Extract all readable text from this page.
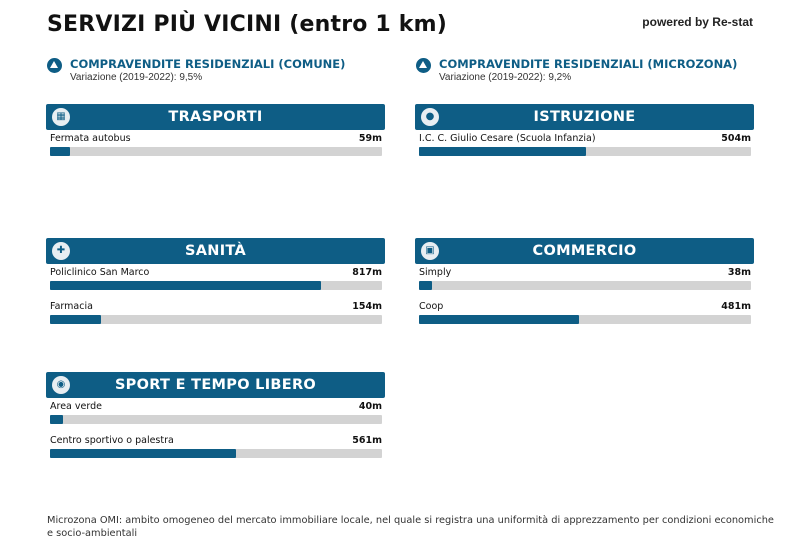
SERVIZI PIÙ VICINI (entro 1 km)	powered by Re-stat
COMPRAVENDITE RESIDENZIALI (COMUNE)
Variazione (2019-2022): 9,5%
COMPRAVENDITE RESIDENZIALI (MICROZONA)
Variazione (2019-2022): 9,2%
▦	TRASPORTI
Fermata autobus	59m
●	ISTRUZIONE
I.C. C. Giulio Cesare (Scuola Infanzia)	504m
✚	SANITÀ
Policlinico San Marco	817m
Farmacia	154m
▣	COMMERCIO
Simply	38m
Coop	481m
◉	SPORT E TEMPO LIBERO
Area verde	40m
Centro sportivo o palestra	561m
Microzona OMI: ambito omogeneo del mercato immobiliare locale, nel quale si registra una uniformità di apprezzamento per condizioni economiche e socio-ambientali
